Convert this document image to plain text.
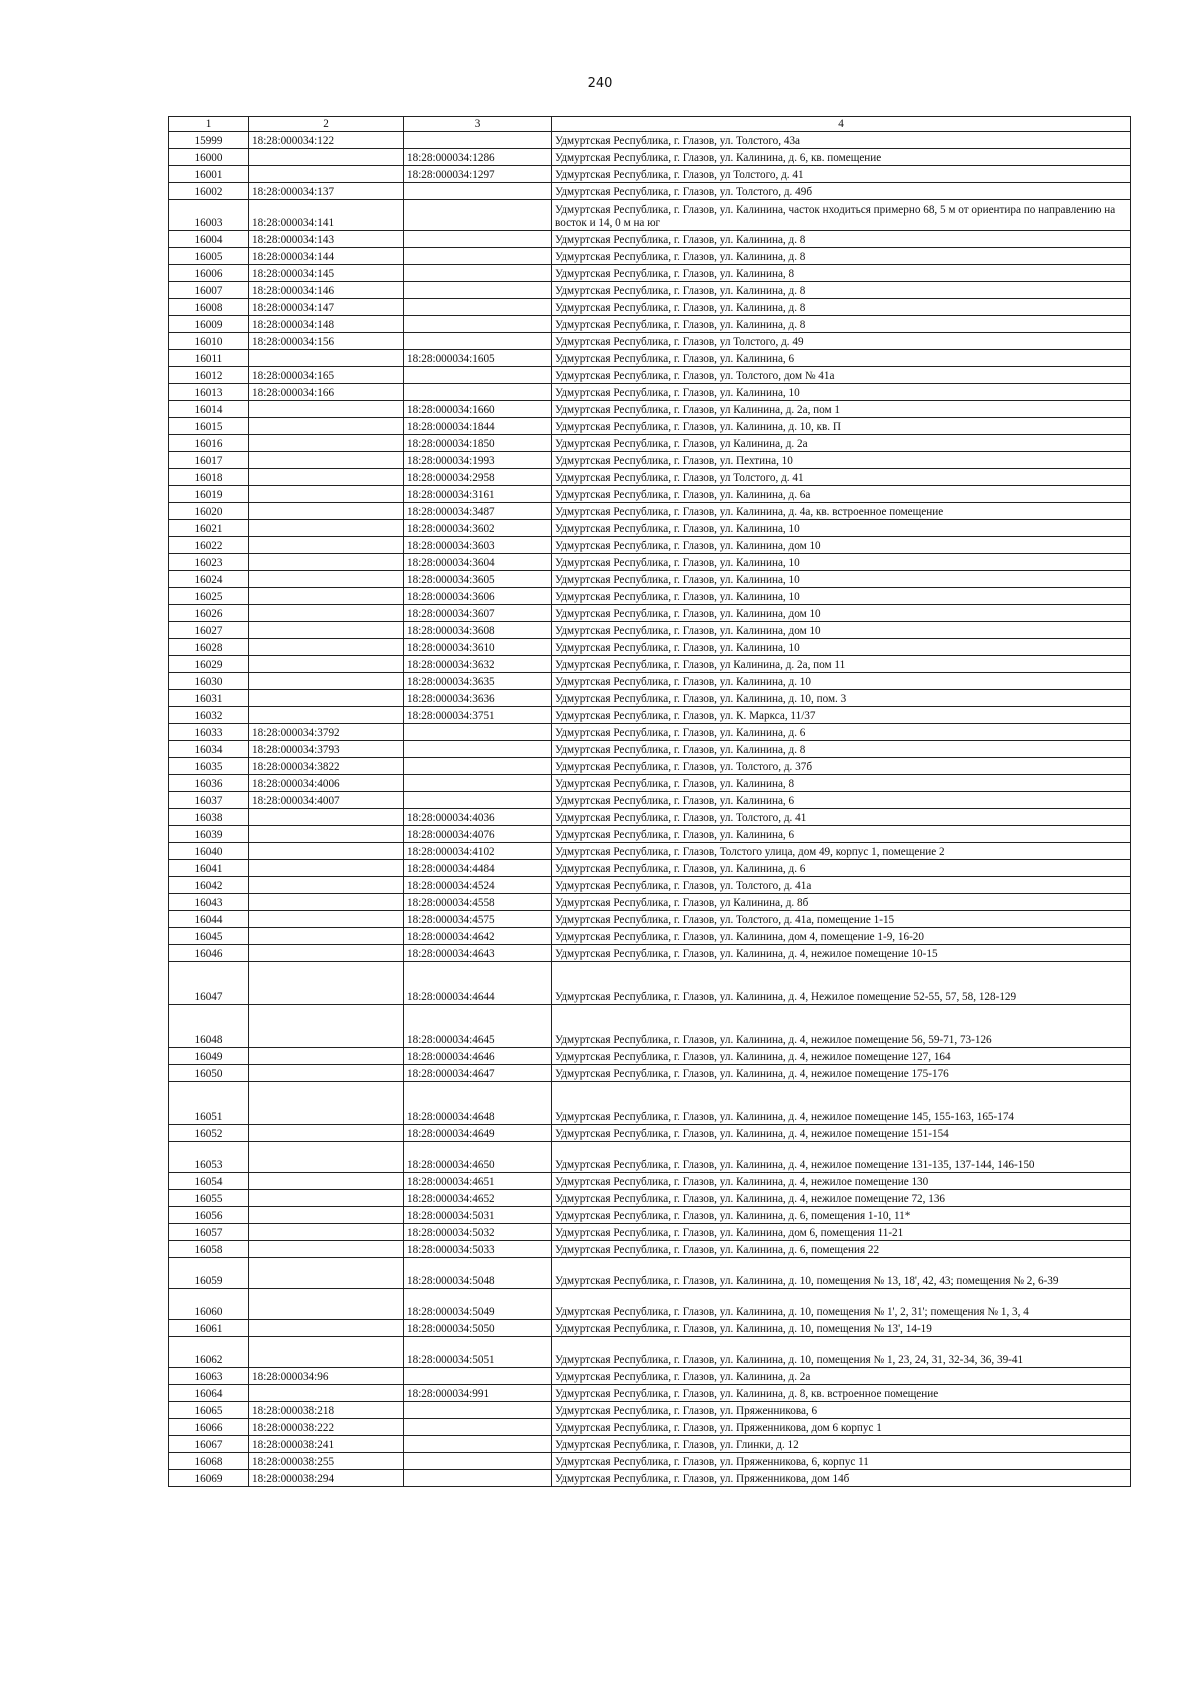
240
1	2	3	4
15999	18:28:000034:122		Удмуртская Республика, г. Глазов, ул. Толстого, 43а
16000		18:28:000034:1286	Удмуртская Республика, г. Глазов, ул. Калинина, д. 6, кв. помещение
16001		18:28:000034:1297	Удмуртская Республика, г. Глазов, ул Толстого, д. 41
16002	18:28:000034:137		Удмуртская Республика, г. Глазов, ул. Толстого, д. 49б
16003	18:28:000034:141		Удмуртская Республика, г. Глазов, ул. Калинина, часток нходиться примерно 68, 5 м от ориентира по направлению на восток и 14, 0 м на юг
16004	18:28:000034:143		Удмуртская Республика, г. Глазов, ул. Калинина, д. 8
16005	18:28:000034:144		Удмуртская Республика, г. Глазов, ул. Калинина, д. 8
16006	18:28:000034:145		Удмуртская Республика, г. Глазов, ул. Калинина, 8
16007	18:28:000034:146		Удмуртская Республика, г. Глазов, ул. Калинина, д. 8
16008	18:28:000034:147		Удмуртская Республика, г. Глазов, ул. Калинина, д. 8
16009	18:28:000034:148		Удмуртская Республика, г. Глазов, ул. Калинина, д. 8
16010	18:28:000034:156		Удмуртская Республика, г. Глазов, ул Толстого, д. 49
16011		18:28:000034:1605	Удмуртская Республика, г. Глазов, ул. Калинина, 6
16012	18:28:000034:165		Удмуртская Республика, г. Глазов, ул. Толстого, дом № 41а
16013	18:28:000034:166		Удмуртская Республика, г. Глазов, ул. Калинина, 10
16014		18:28:000034:1660	Удмуртская Республика, г. Глазов, ул Калинина, д. 2а, пом 1
16015		18:28:000034:1844	Удмуртская Республика, г. Глазов, ул. Калинина, д. 10, кв. П
16016		18:28:000034:1850	Удмуртская Республика, г. Глазов, ул Калинина, д. 2а
16017		18:28:000034:1993	Удмуртская Республика, г. Глазов, ул. Пехтина, 10
16018		18:28:000034:2958	Удмуртская Республика, г. Глазов, ул Толстого, д. 41
16019		18:28:000034:3161	Удмуртская Республика, г. Глазов, ул. Калинина, д. 6а
16020		18:28:000034:3487	Удмуртская Республика, г. Глазов, ул. Калинина, д. 4а, кв. встроенное помещение
16021		18:28:000034:3602	Удмуртская Республика, г. Глазов, ул. Калинина, 10
16022		18:28:000034:3603	Удмуртская Республика, г. Глазов, ул. Калинина, дом 10
16023		18:28:000034:3604	Удмуртская Республика, г. Глазов, ул. Калинина, 10
16024		18:28:000034:3605	Удмуртская Республика, г. Глазов, ул. Калинина, 10
16025		18:28:000034:3606	Удмуртская Республика, г. Глазов, ул. Калинина, 10
16026		18:28:000034:3607	Удмуртская Республика, г. Глазов, ул. Калинина, дом 10
16027		18:28:000034:3608	Удмуртская Республика, г. Глазов, ул. Калинина, дом 10
16028		18:28:000034:3610	Удмуртская Республика, г. Глазов, ул. Калинина, 10
16029		18:28:000034:3632	Удмуртская Республика, г. Глазов, ул Калинина, д. 2а, пом 11
16030		18:28:000034:3635	Удмуртская Республика, г. Глазов, ул. Калинина, д. 10
16031		18:28:000034:3636	Удмуртская Республика, г. Глазов, ул. Калинина, д. 10, пом. 3
16032		18:28:000034:3751	Удмуртская Республика, г. Глазов, ул. К. Маркса, 11/37
16033	18:28:000034:3792		Удмуртская Республика, г. Глазов, ул. Калинина, д. 6
16034	18:28:000034:3793		Удмуртская Республика, г. Глазов, ул. Калинина, д. 8
16035	18:28:000034:3822		Удмуртская Республика, г. Глазов, ул. Толстого, д. 37б
16036	18:28:000034:4006		Удмуртская Республика, г. Глазов, ул. Калинина, 8
16037	18:28:000034:4007		Удмуртская Республика, г. Глазов, ул. Калинина, 6
16038		18:28:000034:4036	Удмуртская Республика, г. Глазов, ул. Толстого, д. 41
16039		18:28:000034:4076	Удмуртская Республика, г. Глазов, ул. Калинина, 6
16040		18:28:000034:4102	Удмуртская Республика, г. Глазов, Толстого улица, дом 49, корпус 1, помещение 2
16041		18:28:000034:4484	Удмуртская Республика, г. Глазов, ул. Калинина, д. 6
16042		18:28:000034:4524	Удмуртская Республика, г. Глазов, ул. Толстого, д. 41а
16043		18:28:000034:4558	Удмуртская Республика, г. Глазов, ул Калинина, д. 8б
16044		18:28:000034:4575	Удмуртская Республика, г. Глазов, ул. Толстого, д. 41а, помещение 1-15
16045		18:28:000034:4642	Удмуртская Республика, г. Глазов, ул. Калинина, дом 4, помещение 1-9, 16-20
16046		18:28:000034:4643	Удмуртская Республика, г. Глазов, ул. Калинина, д. 4, нежилое помещение 10-15
16047		18:28:000034:4644	Удмуртская Республика, г. Глазов, ул. Калинина, д. 4, Нежилое помещение 52-55, 57, 58, 128-129
16048		18:28:000034:4645	Удмуртская Республика, г. Глазов, ул. Калинина, д. 4, нежилое помещение 56, 59-71, 73-126
16049		18:28:000034:4646	Удмуртская Республика, г. Глазов, ул. Калинина, д. 4, нежилое помещение 127, 164
16050		18:28:000034:4647	Удмуртская Республика, г. Глазов, ул. Калинина, д. 4, нежилое помещение 175-176
16051		18:28:000034:4648	Удмуртская Республика, г. Глазов, ул. Калинина, д. 4, нежилое помещение 145, 155-163, 165-174
16052		18:28:000034:4649	Удмуртская Республика, г. Глазов, ул. Калинина, д. 4, нежилое помещение 151-154
16053		18:28:000034:4650	Удмуртская Республика, г. Глазов, ул. Калинина, д. 4, нежилое помещение 131-135, 137-144, 146-150
16054		18:28:000034:4651	Удмуртская Республика, г. Глазов, ул. Калинина, д. 4, нежилое помещение 130
16055		18:28:000034:4652	Удмуртская Республика, г. Глазов, ул. Калинина, д. 4, нежилое помещение 72, 136
16056		18:28:000034:5031	Удмуртская Республика, г. Глазов, ул. Калинина, д. 6, помещения 1-10, 11*
16057		18:28:000034:5032	Удмуртская Республика, г. Глазов, ул. Калинина, дом 6, помещения 11-21
16058		18:28:000034:5033	Удмуртская Республика, г. Глазов, ул. Калинина, д. 6, помещения 22
16059		18:28:000034:5048	Удмуртская Республика, г. Глазов, ул. Калинина, д. 10, помещения № 13, 18', 42, 43; помещения № 2, 6-39
16060		18:28:000034:5049	Удмуртская Республика, г. Глазов, ул. Калинина, д. 10, помещения № 1', 2, 31'; помещения № 1, 3, 4
16061		18:28:000034:5050	Удмуртская Республика, г. Глазов, ул. Калинина, д. 10, помещения № 13', 14-19
16062		18:28:000034:5051	Удмуртская Республика, г. Глазов, ул. Калинина, д. 10, помещения № 1, 23, 24, 31, 32-34, 36, 39-41
16063	18:28:000034:96		Удмуртская Республика, г. Глазов, ул. Калинина, д. 2а
16064		18:28:000034:991	Удмуртская Республика, г. Глазов, ул. Калинина, д. 8, кв. встроенное помещение
16065	18:28:000038:218		Удмуртская Республика, г. Глазов, ул. Пряженникова, 6
16066	18:28:000038:222		Удмуртская Республика, г. Глазов, ул. Пряженникова, дом 6 корпус 1
16067	18:28:000038:241		Удмуртская Республика, г. Глазов, ул. Глинки, д. 12
16068	18:28:000038:255		Удмуртская Республика, г. Глазов, ул. Пряженникова, 6, корпус 11
16069	18:28:000038:294		Удмуртская Республика, г. Глазов, ул. Пряженникова, дом 14б
